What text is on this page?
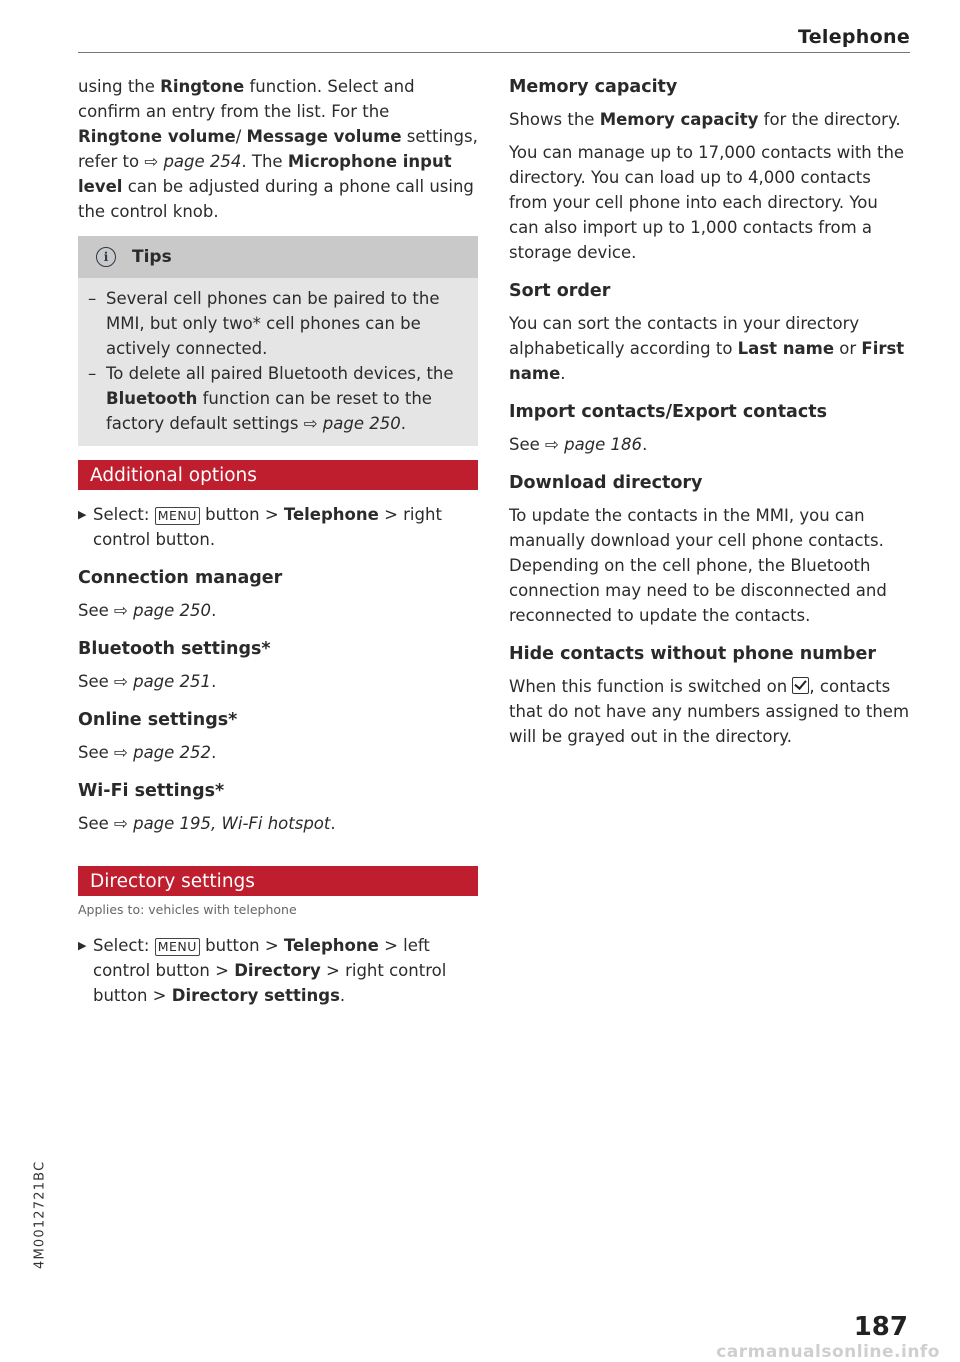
Telephone

using the Ringtone function. Select and confirm an entry from the list. For the Ringtone volume/ Message volume settings, refer to ⇨ page 254. The Microphone input level can be adjusted during a phone call using the control knob.

i	Tips
– Several cell phones can be paired to the MMI, but only two* cell phones can be actively connected.
– To delete all paired Bluetooth devices, the Bluetooth function can be reset to the factory default settings ⇨ page 250.
Additional options

▶ Select: MENU button > Telephone > right control button.

Connection manager

See ⇨ page 250.

Bluetooth settings*

See ⇨ page 251.

Online settings*

See ⇨ page 252.

Wi-Fi settings*

See ⇨ page 195, Wi-Fi hotspot.

Directory settings
Applies to: vehicles with telephone

▶ Select: MENU button > Telephone > left control button > Directory > right control button > Directory settings.

Memory capacity

Shows the Memory capacity for the directory.

You can manage up to 17,000 contacts with the directory. You can load up to 4,000 contacts from your cell phone into each directory. You can also import up to 1,000 contacts from a storage device.

Sort order

You can sort the contacts in your directory alphabetically according to Last name or First name.

Import contacts/Export contacts

See ⇨ page 186.

Download directory

To update the contacts in the MMI, you can manually download your cell phone contacts. Depending on the cell phone, the Bluetooth connection may need to be disconnected and reconnected to update the contacts.

Hide contacts without phone number

When this function is switched on , contacts that do not have any numbers assigned to them will be grayed out in the directory.

4M0012721BC
187
carmanualsonline.info
